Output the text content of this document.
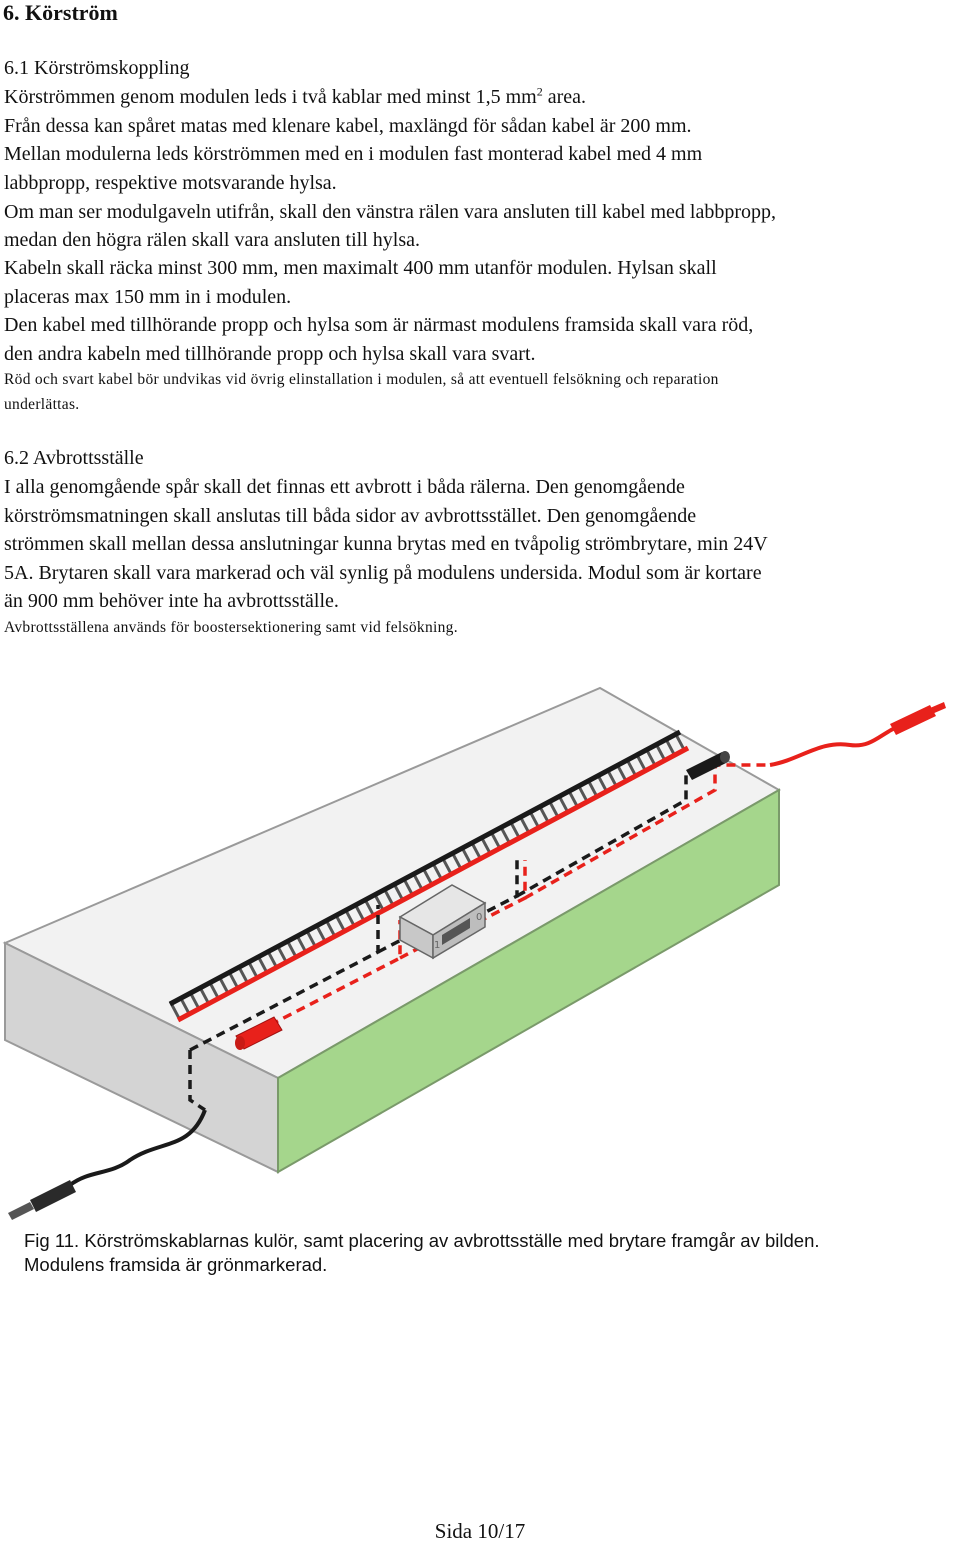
6. Körström
6.1 Körströmskoppling
Körströmmen genom modulen leds i två kablar med minst 1,5 $mm^2$ area.
Från dessa kan spåret matas med klenare kabel, maxlängd för sådan kabel är 200 mm.
Mellan modulerna leds körströmmen med en i modulen fast monterad kabel med 4 mm
labbpropp, respektive motsvarande hylsa.
Om man ser modulgaveln utifrån, skall den vänstra rälen vara ansluten till kabel med labbpropp,
medan den högra rälen skall vara ansluten till hylsa.
Kabeln skall räcka minst 300 mm, men maximalt 400 mm utanför modulen. Hylsan skall
placeras max 150 mm in i modulen.
Den kabel med tillhörande propp och hylsa som är närmast modulens framsida skall vara röd,
den andra kabeln med tillhörande propp och hylsa skall vara svart.
Röd och svart kabel bör undvikas vid övrig elinstallation i modulen, så att eventuell felsökning och reparation
underlättas.
6.2 Avbrottsställe
I alla genomgående spår skall det finnas ett avbrott i båda rälerna. Den genomgående
körströmsmatningen skall anslutas till båda sidor av avbrottsstället. Den genomgående
strömmen skall mellan dessa anslutningar kunna brytas med en tvåpolig strömbrytare, min 24V
5A. Brytaren skall vara markerad och väl synlig på modulens undersida. Modul som är kortare
än 900 mm behöver inte ha avbrottsställe.
Avbrottsställena används för boostersektionering samt vid felsökning.
1
0
Fig 11. Körströmskablarnas kulör, samt placering av avbrottsställe med brytare framgår av bilden.
Modulens framsida är grönmarkerad.
Sida 10/17
